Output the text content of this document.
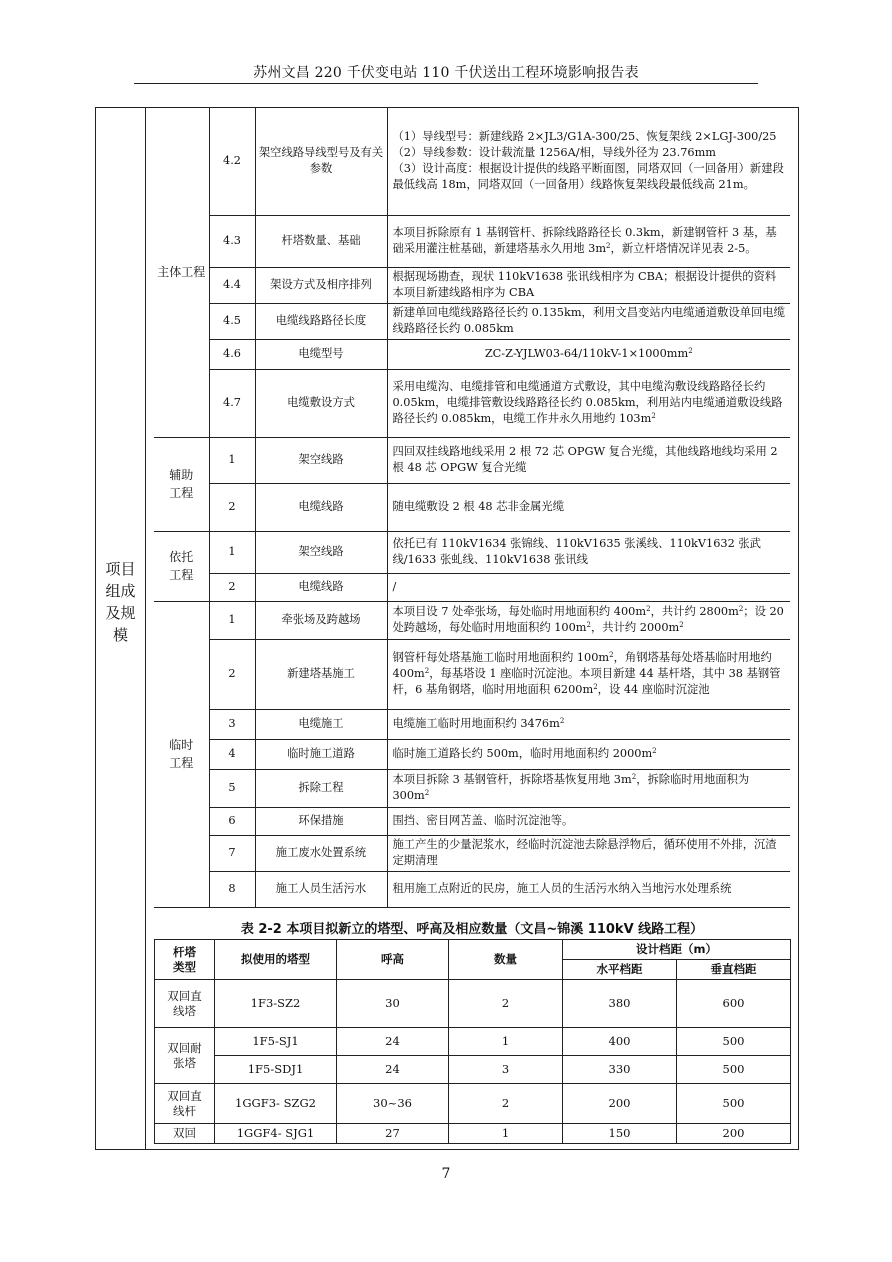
苏州文昌 220 千伏变电站 110 千伏送出工程环境影响报告表
项目组成及规模
主体工程	4.2	架空线路导线型号及有关参数	（1）导线型号：新建线路 2×JL3/G1A-300/25、恢复架线 2×LGJ-300/25
（2）导线参数：设计载流量 1256A/相，导线外径为 23.76mm
（3）设计高度：根据设计提供的线路平断面图，同塔双回（一回备用）新建段最低线高 18m，同塔双回（一回备用）线路恢复架线段最低线高 21m。

	4.3	杆塔数量、基础	本项目拆除原有 1 基钢管杆、拆除线路路径长 0.3km，新建钢管杆 3 基，基础采用灌注桩基础，新建塔基永久用地 $3m^2$，新立杆塔情况详见表 2-5。
	4.4	架设方式及相序排列	根据现场勘查，现状 110kV1638 张讯线相序为 CBA；根据设计提供的资料本项目新建线路相序为 CBA
	4.5	电缆线路路径长度	新建单回电缆线路路径长约 0.135km，利用文昌变站内电缆通道敷设单回电缆线路路径长约 0.085km
	4.6	电缆型号	$ZC-Z-YJLW03-64/110kV-1\times 1000mm^2$
	4.7	电缆敷设方式	采用电缆沟、电缆排管和电缆通道方式敷设，其中电缆沟敷设线路路径长约 0.05km，电缆排管敷设线路路径长约 0.085km，利用站内电缆通道敷设线路路径长约 0.085km，电缆工作井永久用地约 $103m^2$
辅助工程	1	架空线路	四回双挂线路地线采用 2 根 72 芯 OPGW 复合光缆，其他线路地线均采用 2 根 48 芯 OPGW 复合光缆
	2	电缆线路	随电缆敷设 2 根 48 芯非金属光缆
依托工程	1	架空线路	依托已有 110kV1634 张锦线、110kV1635 张溪线、110kV1632 张武线/1633 张虬线、110kV1638 张讯线
	2	电缆线路	/
临时工程	1	牵张场及跨越场	本项目设 7 处牵张场，每处临时用地面积约 $400m^2$，共计约 $2800m^2$；设 20 处跨越场，每处临时用地面积约 $100m^2$，共计约 $2000m^2$
	2	新建塔基施工	钢管杆每处塔基施工临时用地面积约 $100m^2$，角钢塔基每处塔基临时用地约 $400m^2$，每基塔设 1 座临时沉淀池。本项目新建 44 基杆塔，其中 38 基钢管杆，6 基角钢塔，临时用地面积 $6200m^2$，设 44 座临时沉淀池
	3	电缆施工	电缆施工临时用地面积约 $3476m^2$
	4	临时施工道路	临时施工道路长约 500m，临时用地面积约 $2000m^2$
	5	拆除工程	本项目拆除 3 基钢管杆，拆除塔基恢复用地 $3m^2$，拆除临时用地面积为 $300m^2$
	6	环保措施	围挡、密目网苫盖、临时沉淀池等。
	7	施工废水处置系统	施工产生的少量泥浆水，经临时沉淀池去除悬浮物后，循环使用不外排，沉渣定期清理
	8	施工人员生活污水	租用施工点附近的民房，施工人员的生活污水纳入当地污水处理系统
表 2-2 本项目拟新立的塔型、呼高及相应数量（文昌~锦溪 110kV 线路工程）
杆塔类型	拟使用的塔型	呼高	数量	设计档距（m）	
				水平档距	垂直档距
双回直线塔	1F3-SZ2	30	2	380	600
双回耐张塔	1F5-SJ1	24	1	400	500
	1F5-SDJ1	24	3	330	500
双回直线杆	1GGF3- SZG2	30~36	2	200	500
双回	1GGF4- SJG1	27	1	150	200
7
